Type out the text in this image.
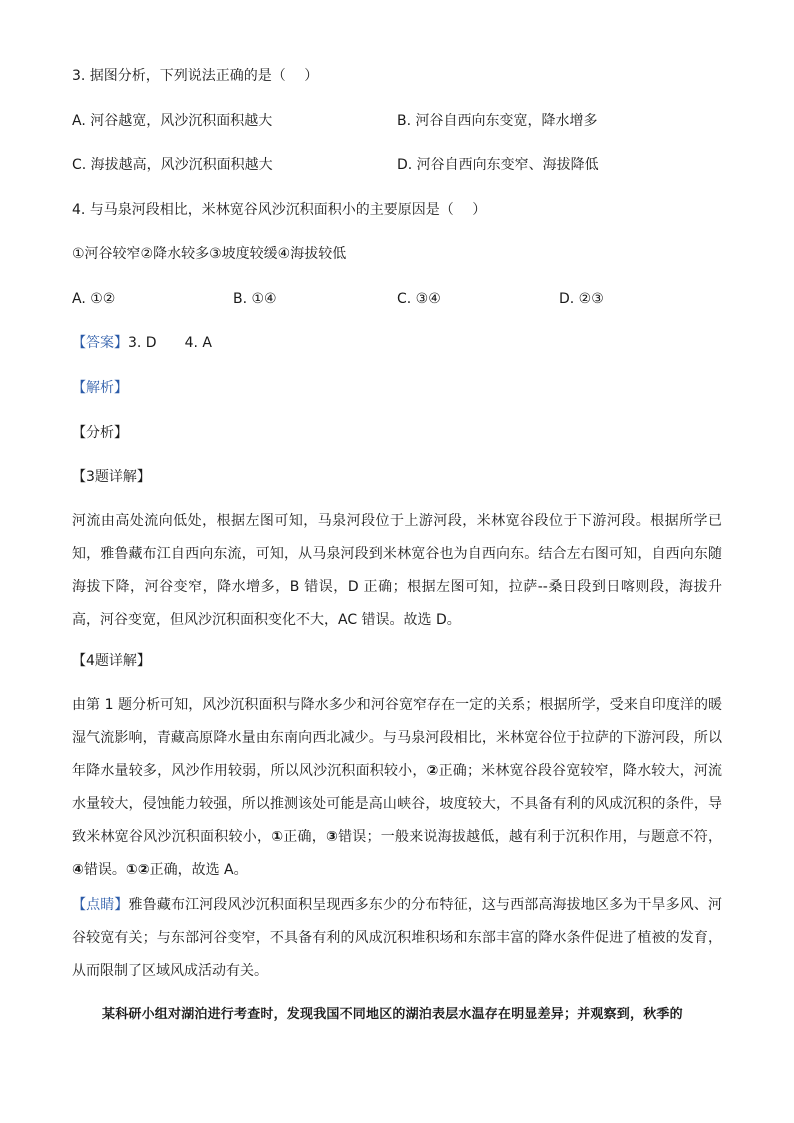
3. 据图分析，下列说法正确的是（　 ）
A. 河谷越宽，风沙沉积面积越大	B. 河谷自西向东变宽，降水增多
C. 海拔越高，风沙沉积面积越大	D. 河谷自西向东变窄、海拔降低
4. 与马泉河段相比，米林宽谷风沙沉积面积小的主要原因是（　 ）
①河谷较窄②降水较多③坡度较缓④海拔较低
A. ①②	B. ①④	C. ③④	D. ②③
【答案】3. D　　4. A
【解析】
【分析】
【3题详解】

河流由高处流向低处，根据左图可知，马泉河段位于上游河段，米林宽谷段位于下游河段。根据所学已知，雅鲁藏布江自西向东流，可知，从马泉河段到米林宽谷也为自西向东。结合左右图可知，自西向东随海拔下降，河谷变窄，降水增多，B 错误，D 正确；根据左图可知，拉萨--桑日段到日喀则段，海拔升高，河谷变宽，但风沙沉积面积变化不大，AC 错误。故选 D。

【4题详解】

由第 1 题分析可知，风沙沉积面积与降水多少和河谷宽窄存在一定的关系；根据所学，受来自印度洋的暖湿气流影响，青藏高原降水量由东南向西北减少。与马泉河段相比，米林宽谷位于拉萨的下游河段，所以年降水量较多，风沙作用较弱，所以风沙沉积面积较小，②正确；米林宽谷段谷宽较窄，降水较大，河流水量较大，侵蚀能力较强，所以推测该处可能是高山峡谷，坡度较大，不具备有利的风成沉积的条件，导致米林宽谷风沙沉积面积较小，①正确，③错误；一般来说海拔越低，越有利于沉积作用，与题意不符，④错误。①②正确，故选 A。

【点睛】雅鲁藏布江河段风沙沉积面积呈现西多东少的分布特征，这与西部高海拔地区多为干旱多风、河谷较宽有关；与东部河谷变窄，不具备有利的风成沉积堆积场和东部丰富的降水条件促进了植被的发育，从而限制了区域风成活动有关。

某科研小组对湖泊进行考查时，发现我国不同地区的湖泊表层水温存在明显差异；并观察到，秋季的
